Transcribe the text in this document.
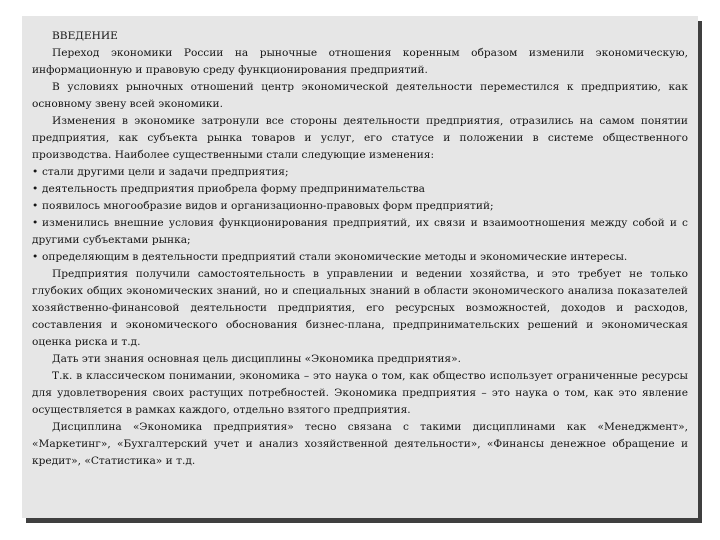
ВВЕДЕНИЕ

Переход экономики России на рыночные отношения коренным образом изменили экономическую, информационную и правовую среду функционирования предприятий.

В условиях рыночных отношений центр экономической деятельности переместился к предприятию, как основному звену всей экономики.

Изменения в экономике затронули все стороны деятельности предприятия, отразились на самом понятии предприятия, как субъекта рынка товаров и услуг, его статусе и положении в системе общественного производства. Наиболее существенными стали следующие изменения:

• стали другими цели и задачи предприятия;

• деятельность предприятия приобрела форму предпринимательства

• появилось многообразие видов и организационно-правовых форм предприятий;

• изменились внешние условия функционирования предприятий, их связи и взаимоотношения между собой и с другими субъектами рынка;

• определяющим в деятельности предприятий стали экономические методы и экономические интересы.

Предприятия получили самостоятельность в управлении и ведении хозяйства, и это требует не только глубоких общих экономических знаний, но и специальных знаний в области экономического анализа показателей хозяйственно-финансовой деятельности предприятия, его ресурсных возможностей, доходов и расходов, составления и экономического обоснования бизнес-плана, предпринимательских решений и экономическая оценка риска и т.д.

Дать эти знания основная цель дисциплины «Экономика предприятия».

Т.к. в классическом понимании, экономика – это наука о том, как общество использует ограниченные ресурсы для удовлетворения своих растущих потребностей. Экономика предприятия – это наука о том, как это явление осуществляется в рамках каждого, отдельно взятого предприятия.

Дисциплина «Экономика предприятия» тесно связана с такими дисциплинами как «Менеджмент», «Маркетинг», «Бухгалтерский учет и анализ хозяйственной деятельности», «Финансы денежное обращение и кредит», «Статистика» и т.д.
